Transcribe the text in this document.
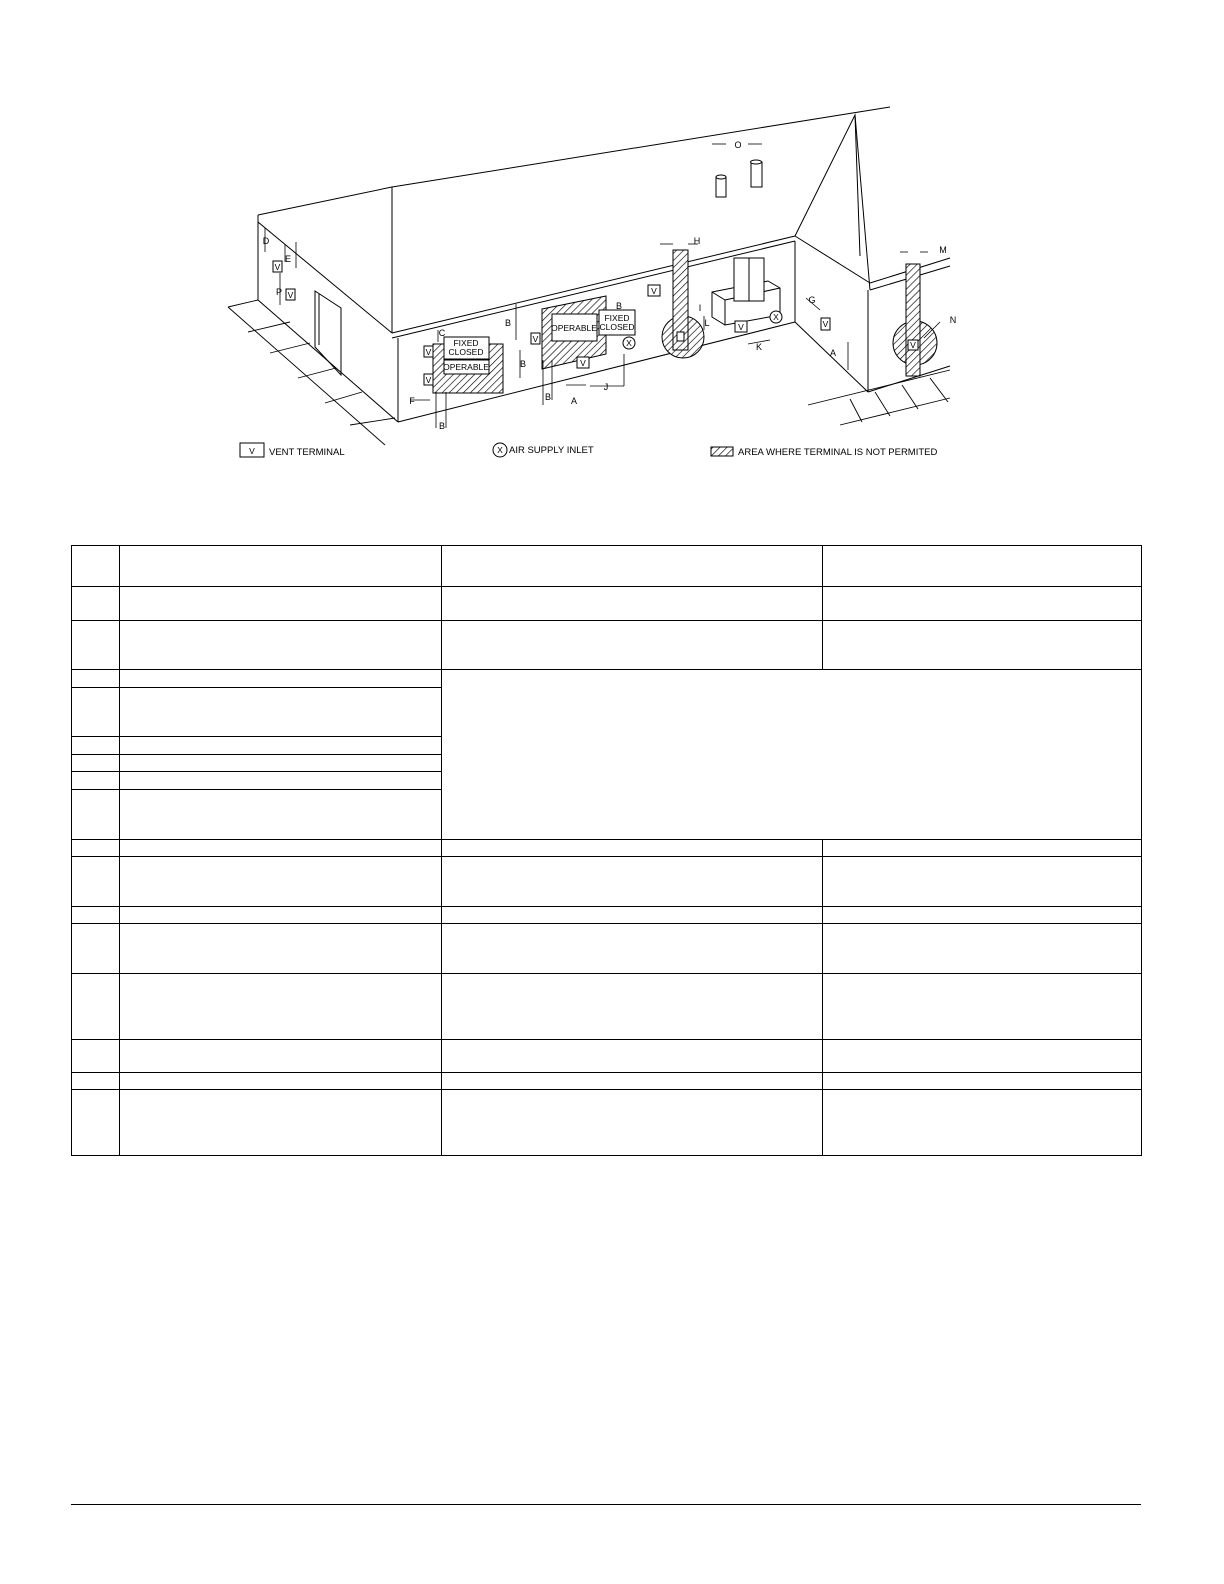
FIXED
CLOSED
OPERABLE
OPERABLE
FIXED
CLOSED
V
V
V
V
V
V
V
V	V
V
X
X
A
A
B
B
B
B
B
C
D
E
F
G
H
I
J
K
L
M
N
O
P
V VENT TERMINAL	X AIR SUPPLY INLET	AREA WHERE TERMINAL IS NOT PERMITED
